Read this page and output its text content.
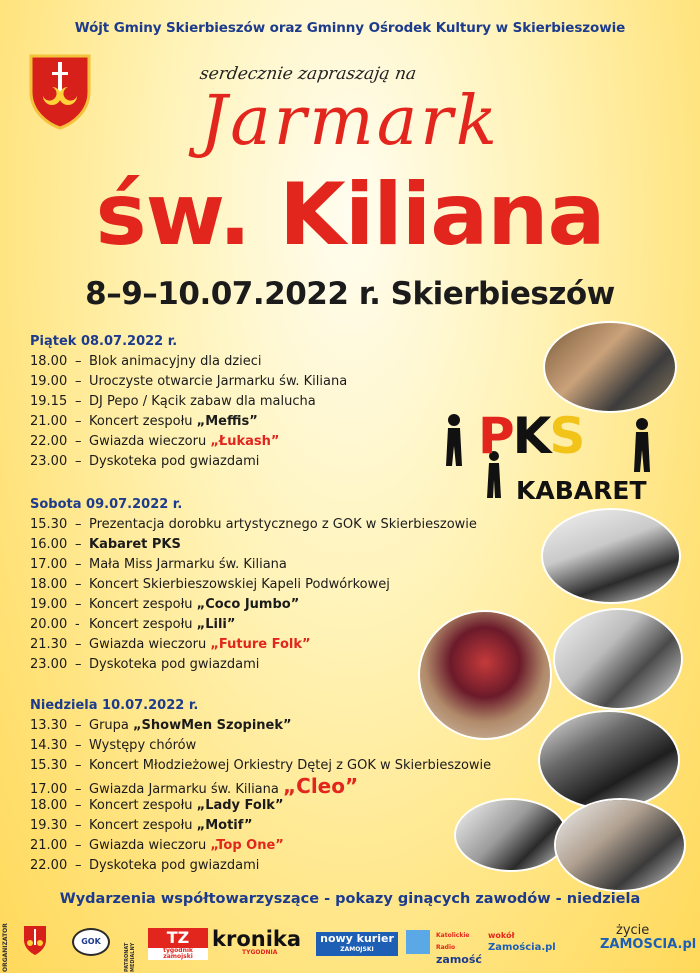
Wójt Gminy Skierbieszów oraz Gminny Ośrodek Kultury w Skierbieszowie
serdecznie zapraszają na
Jarmark
św. Kiliana
8–9–10.07.2022 r. Skierbieszów
Piątek 08.07.2022 r.
18.00 – Blok animacyjny dla dzieci
19.00 – Uroczyste otwarcie Jarmarku św. Kiliana
19.15 – DJ Pepo / Kącik zabaw dla malucha
21.00 – Koncert zespołu „Meffis”
22.00 – Gwiazda wieczoru „Łukash”
23.00 – Dyskoteka pod gwiazdami
Sobota 09.07.2022 r.
15.30 – Prezentacja dorobku artystycznego z GOK w Skierbieszowie
16.00 – Kabaret PKS
17.00 – Mała Miss Jarmarku św. Kiliana
18.00 – Koncert Skierbieszowskiej Kapeli Podwórkowej
19.00 – Koncert zespołu „Coco Jumbo”
20.00 - Koncert zespołu „Lili”
21.30 – Gwiazda wieczoru „Future Folk”
23.00 – Dyskoteka pod gwiazdami
Niedziela 10.07.2022 r.
13.30 – Grupa „ShowMen Szopinek”
14.30 – Występy chórów
15.30 – Koncert Młodzieżowej Orkiestry Dętej z GOK w Skierbieszowie
17.00 – Gwiazda Jarmarku św. Kiliana „Cleo”
18.00 – Koncert zespołu „Lady Folk”
19.30 – Koncert zespołu „Motif”
21.00 – Gwiazda wieczoru „Top One”
22.00 – Dyskoteka pod gwiazdami
PKS
KABARET
Wydarzenia współtowarzyszące - pokazy ginących zawodów - niedziela
ORGANIZATOR	GOK
PATRONAT MEDIALNY
TZ
tygodnik zamojski
kronika
TYGODNIA
nowy kurier
ZAMOJSKI
Katolickie Radio
zamość
wokół
Zamościa.pl
życie
ZAMOSCIA.pl
